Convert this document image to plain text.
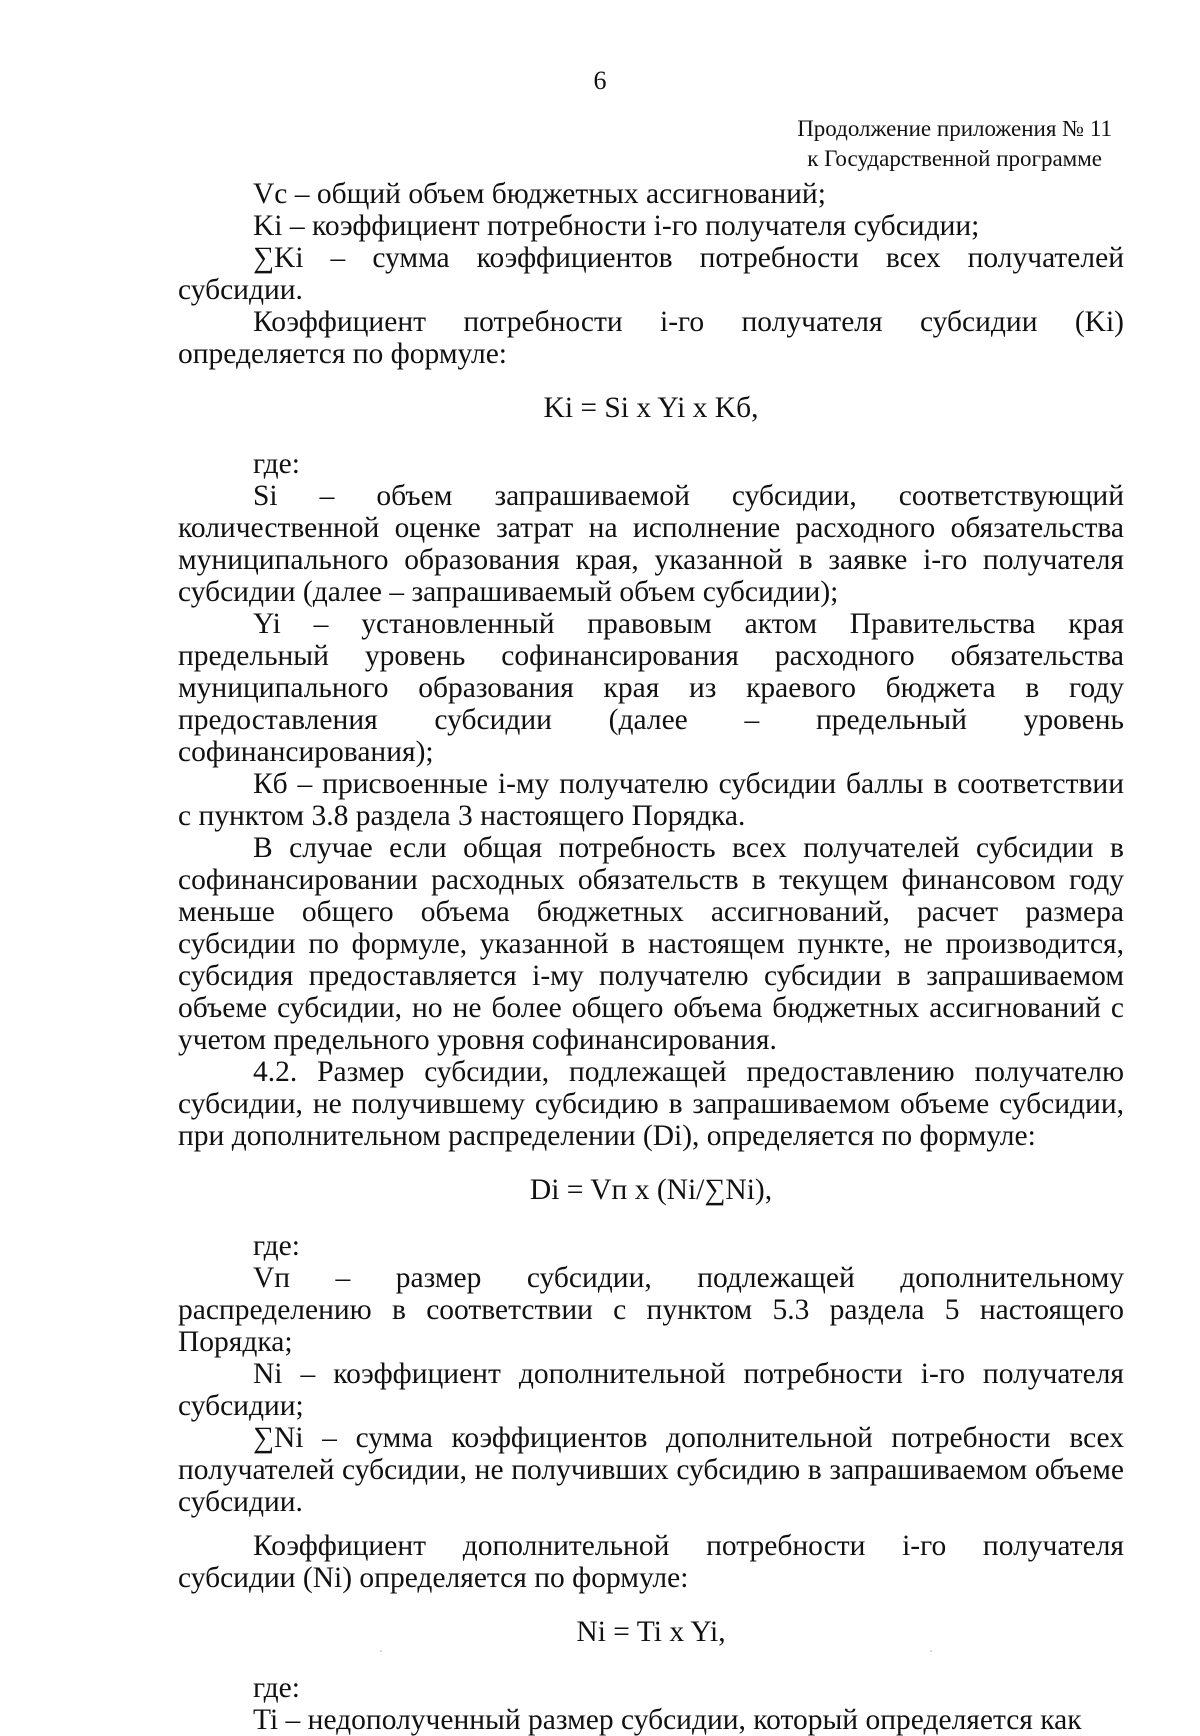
6
Продолжение приложения № 11
к Государственной программе

Vс – общий объем бюджетных ассигнований;

Ki – коэффициент потребности i-го получателя субсидии;

∑Ki – сумма коэффициентов потребности всех получателей субсидии.

Коэффициент потребности i-го получателя субсидии (Ki) определяется по формуле:

Ki = Si x Yi x Kб,

где:

Si – объем запрашиваемой субсидии, соответствующий количественной оценке затрат на исполнение расходного обязательства муниципального образования края, указанной в заявке i-го получателя субсидии (далее – запрашиваемый объем субсидии);

Yi – установленный правовым актом Правительства края предельный уровень софинансирования расходного обязательства муниципального образования края из краевого бюджета в году предоставления субсидии (далее – предельный уровень софинансирования);

Кб – присвоенные i-му получателю субсидии баллы в соответствии с пунктом 3.8 раздела 3 настоящего Порядка.

В случае если общая потребность всех получателей субсидии в софинансировании расходных обязательств в текущем финансовом году меньше общего объема бюджетных ассигнований, расчет размера субсидии по формуле, указанной в настоящем пункте, не производится, субсидия предоставляется i-му получателю субсидии в запрашиваемом объеме субсидии, но не более общего объема бюджетных ассигнований с учетом предельного уровня софинансирования.

4.2. Размер субсидии, подлежащей предоставлению получателю субсидии, не получившему субсидию в запрашиваемом объеме субсидии, при дополнительном распределении (Di), определяется по формуле:

Di = Vп x (Ni/∑Ni),

где:

Vп – размер субсидии, подлежащей дополнительному распределению в соответствии с пунктом 5.3 раздела 5 настоящего Порядка;

Ni – коэффициент дополнительной потребности i-го получателя субсидии;

∑Ni – сумма коэффициентов дополнительной потребности всех получателей субсидии, не получивших субсидию в запрашиваемом объеме субсидии.

Коэффициент дополнительной потребности i-го получателя субсидии (Ni) определяется по формуле:

Ni = Ti x Yi,

где:

Ti – недополученный размер субсидии, который определяется как
